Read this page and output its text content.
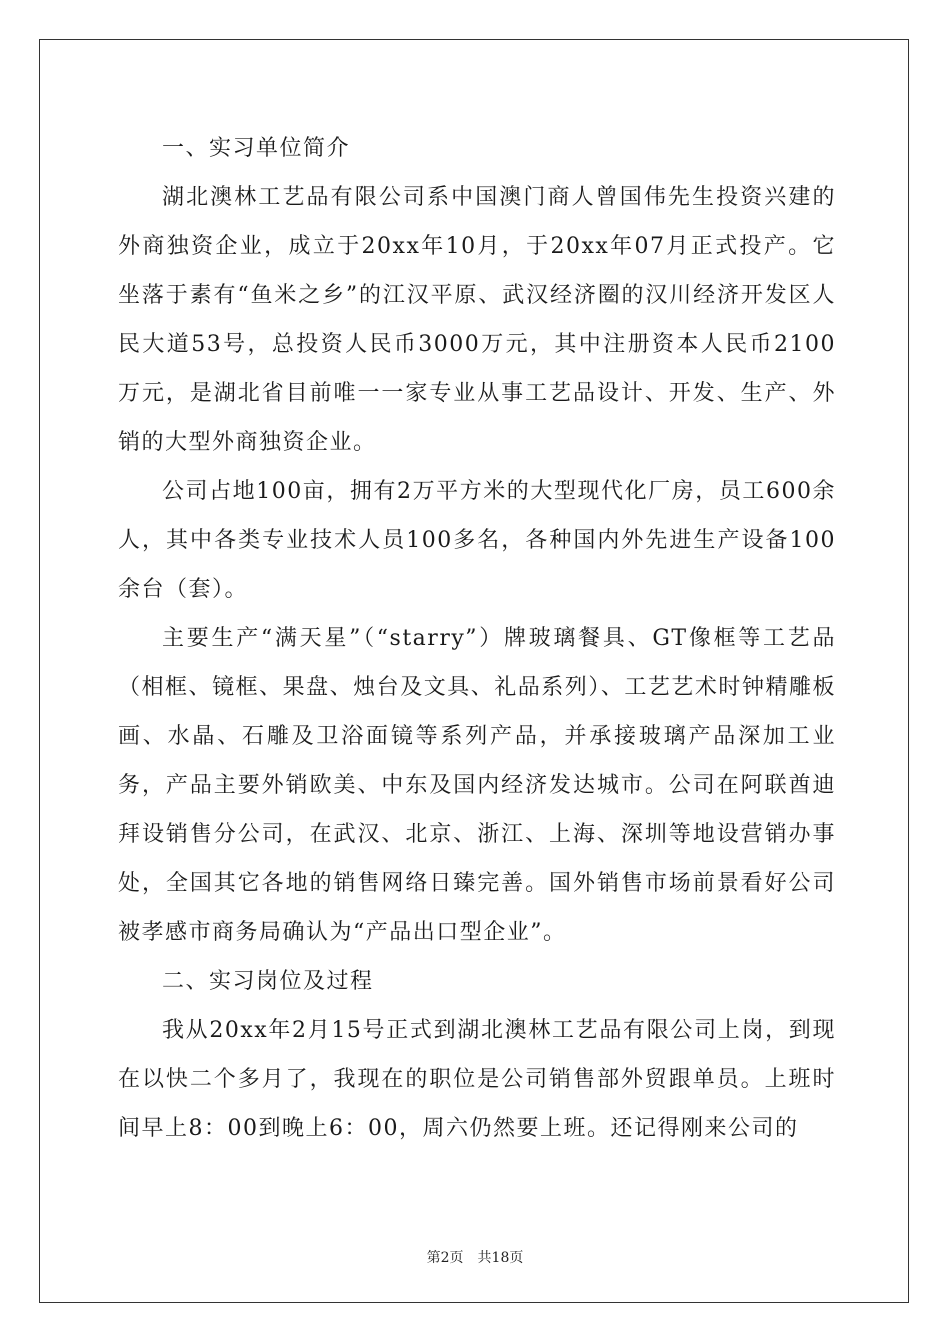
一、实习单位简介

湖北澳林工艺品有限公司系中国澳门商人曾国伟先生投资兴建的外商独资企业，成立于20xx年10月，于20xx年07月正式投产。它坐落于素有“鱼米之乡”的江汉平原、武汉经济圈的汉川经济开发区人民大道53号，总投资人民币3000万元，其中注册资本人民币2100万元，是湖北省目前唯一一家专业从事工艺品设计、开发、生产、外销的大型外商独资企业。

公司占地100亩，拥有2万平方米的大型现代化厂房，员工600余人，其中各类专业技术人员100多名，各种国内外先进生产设备100余台（套）。

主要生产“满天星”（“starry”）牌玻璃餐具、GT像框等工艺品（相框、镜框、果盘、烛台及文具、礼品系列）、工艺艺术时钟精雕板画、水晶、石雕及卫浴面镜等系列产品，并承接玻璃产品深加工业务，产品主要外销欧美、中东及国内经济发达城市。公司在阿联酋迪拜设销售分公司，在武汉、北京、浙江、上海、深圳等地设营销办事处，全国其它各地的销售网络日臻完善。国外销售市场前景看好公司被孝感市商务局确认为“产品出口型企业”。

二、实习岗位及过程

我从20xx年2月15号正式到湖北澳林工艺品有限公司上岗，到现在以快二个多月了，我现在的职位是公司销售部外贸跟单员。上班时间早上8：00到晚上6：00，周六仍然要上班。还记得刚来公司的

第2页 共18页
